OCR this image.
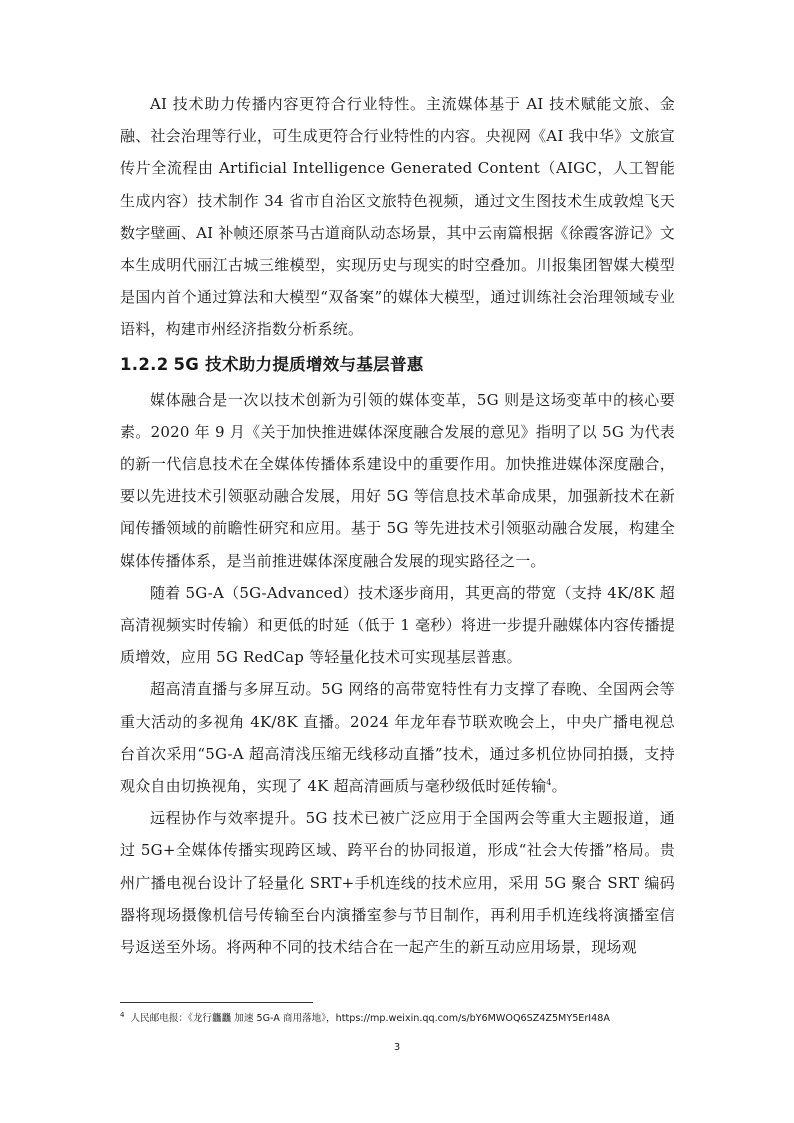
AI 技术助力传播内容更符合行业特性。主流媒体基于 AI 技术赋能文旅、金融、社会治理等行业，可生成更符合行业特性的内容。央视网《AI 我中华》文旅宣传片全流程由 Artificial Intelligence Generated Content（AIGC，人工智能生成内容）技术制作 34 省市自治区文旅特色视频，通过文生图技术生成敦煌飞天数字壁画、AI 补帧还原茶马古道商队动态场景，其中云南篇根据《徐霞客游记》文本生成明代丽江古城三维模型，实现历史与现实的时空叠加。川报集团智媒大模型是国内首个通过算法和大模型“双备案”的媒体大模型，通过训练社会治理领域专业语料，构建市州经济指数分析系统。

1.2.2 5G 技术助力提质增效与基层普惠

媒体融合是一次以技术创新为引领的媒体变革，5G 则是这场变革中的核心要素。2020 年 9 月《关于加快推进媒体深度融合发展的意见》指明了以 5G 为代表的新一代信息技术在全媒体传播体系建设中的重要作用。加快推进媒体深度融合，要以先进技术引领驱动融合发展，用好 5G 等信息技术革命成果，加强新技术在新闻传播领域的前瞻性研究和应用。基于 5G 等先进技术引领驱动融合发展，构建全媒体传播体系，是当前推进媒体深度融合发展的现实路径之一。

随着 5G-A（5G-Advanced）技术逐步商用，其更高的带宽（支持 4K/8K 超高清视频实时传输）和更低的时延（低于 1 毫秒）将进一步提升融媒体内容传播提质增效，应用 5G RedCap 等轻量化技术可实现基层普惠。

超高清直播与多屏互动。5G 网络的高带宽特性有力支撑了春晚、全国两会等重大活动的多视角 4K/8K 直播。2024 年龙年春节联欢晚会上，中央广播电视总台首次采用“5G-A 超高清浅压缩无线移动直播”技术，通过多机位协同拍摄，支持观众自由切换视角，实现了 4K 超高清画质与毫秒级低时延传输$^4$。

远程协作与效率提升。5G 技术已被广泛应用于全国两会等重大主题报道，通过 5G+全媒体传播实现跨区域、跨平台的协同报道，形成“社会大传播”格局。贵州广播电视台设计了轻量化 SRT+手机连线的技术应用，采用 5G 聚合 SRT 编码器将现场摄像机信号传输至台内演播室参与节目制作，再利用手机连线将演播室信号返送至外场。将两种不同的技术结合在一起产生的新互动应用场景，现场观

$^4$ 人民邮电报：《龙行龘龘 加速 5G-A 商用落地》，https://mp.weixin.qq.com/s/bY6MWOQ6SZ4Z5MY5ErI48A
3
